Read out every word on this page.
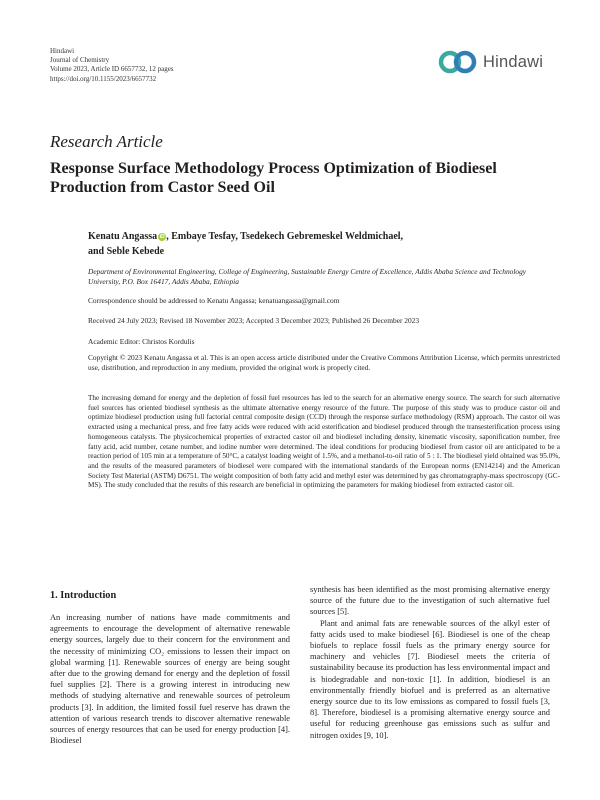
Hindawi
Journal of Chemistry
Volume 2023, Article ID 6657732, 12 pages
https://doi.org/10.1155/2023/6657732
Hindawi
Research Article
Response Surface Methodology Process Optimization of Biodiesel Production from Castor Seed Oil
Kenatu Angassa iD , Embaye Tesfay, Tsedekech Gebremeskel Weldmichael,
and Seble Kebede
Department of Environmental Engineering, College of Engineering, Sustainable Energy Centre of Excellence, Addis Ababa Science and Technology University, P.O. Box 16417, Addis Ababa, Ethiopia
Correspondence should be addressed to Kenatu Angassa; kenatuangassa@gmail.com
Received 24 July 2023; Revised 18 November 2023; Accepted 3 December 2023; Published 26 December 2023
Academic Editor: Christos Kordulis
Copyright © 2023 Kenatu Angassa et al. This is an open access article distributed under the Creative Commons Attribution License, which permits unrestricted use, distribution, and reproduction in any medium, provided the original work is properly cited.
The increasing demand for energy and the depletion of fossil fuel resources has led to the search for an alternative energy source. The search for such alternative fuel sources has oriented biodiesel synthesis as the ultimate alternative energy resource of the future. The purpose of this study was to produce castor oil and optimize biodiesel production using full factorial central composite design (CCD) through the response surface methodology (RSM) approach. The castor oil was extracted using a mechanical press, and free fatty acids were reduced with acid esterification and biodiesel produced through the transesterification process using homogeneous catalysts. The physicochemical properties of extracted castor oil and biodiesel including density, kinematic viscosity, saponification number, free fatty acid, acid number, cetane number, and iodine number were determined. The ideal conditions for producing biodiesel from castor oil are anticipated to be a reaction period of 105 min at a temperature of 50°C, a catalyst loading weight of 1.5%, and a methanol-to-oil ratio of 5 : 1. The biodiesel yield obtained was 95.0%, and the results of the measured parameters of biodiesel were compared with the international standards of the European norms (EN14214) and the American Society Test Material (ASTM) D6751. The weight composition of both fatty acid and methyl ester was determined by gas chromatography-mass spectroscopy (GC-MS). The study concluded that the results of this research are beneficial in optimizing the parameters for making biodiesel from extracted castor oil.
1. Introduction

An increasing number of nations have made commitments and agreements to encourage the development of alternative renewable energy sources, largely due to their concern for the environment and the necessity of minimizing CO₂ emissions to lessen their impact on global warming [1]. Renewable sources of energy are being sought after due to the growing demand for energy and the depletion of fossil fuel supplies [2]. There is a growing interest in introducing new methods of studying alternative and renewable sources of petroleum products [3]. In addition, the limited fossil fuel reserve has drawn the attention of various research trends to discover alternative renewable sources of energy resources that can be used for energy production [4]. Biodiesel

synthesis has been identified as the most promising alternative energy source of the future due to the investigation of such alternative fuel sources [5].

Plant and animal fats are renewable sources of the alkyl ester of fatty acids used to make biodiesel [6]. Biodiesel is one of the cheap biofuels to replace fossil fuels as the primary energy source for machinery and vehicles [7]. Biodiesel meets the criteria of sustainability because its production has less environmental impact and is biodegradable and non-toxic [1]. In addition, biodiesel is an environmentally friendly biofuel and is preferred as an alternative energy source due to its low emissions as compared to fossil fuels [3, 8]. Therefore, biodiesel is a promising alternative energy source and useful for reducing greenhouse gas emissions such as sulfur and nitrogen oxides [9, 10].
